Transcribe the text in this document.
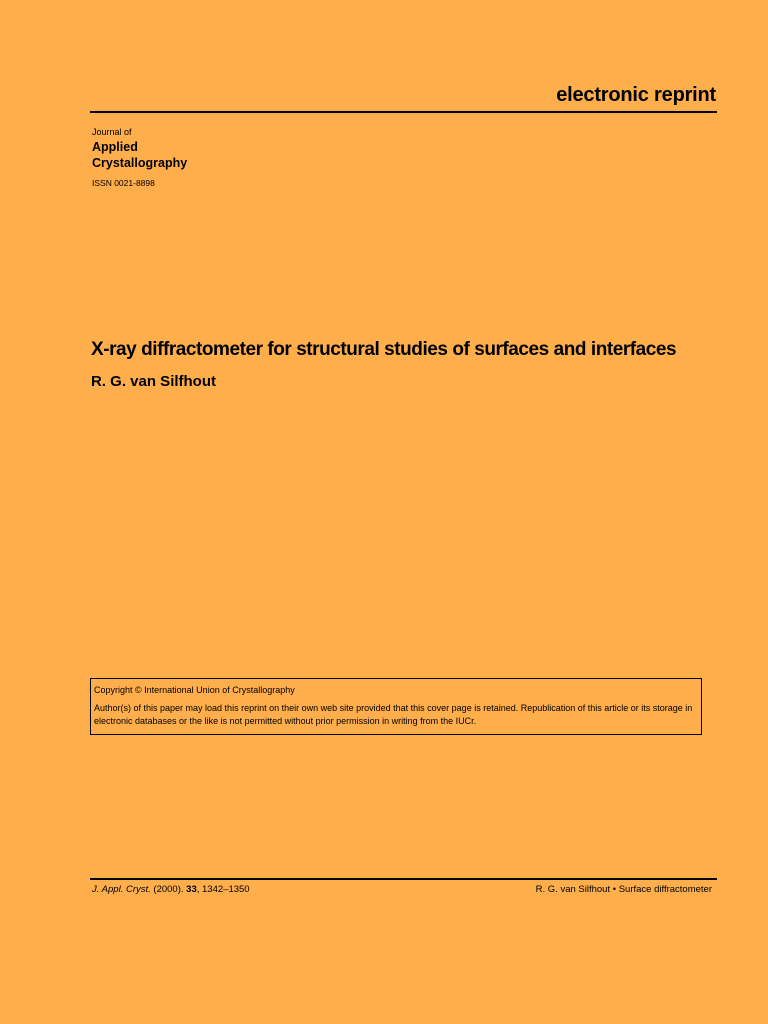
electronic reprint
Journal of
Applied
Crystallography
ISSN 0021-8898
X-ray diffractometer for structural studies of surfaces and interfaces
R. G. van Silfhout
Copyright © International Union of Crystallography
Author(s) of this paper may load this reprint on their own web site provided that this cover page is retained. Republication of this article or its storage in electronic databases or the like is not permitted without prior permission in writing from the IUCr.
J. Appl. Cryst. (2000). 33, 1342–1350	R. G. van Silfhout • Surface diffractometer
